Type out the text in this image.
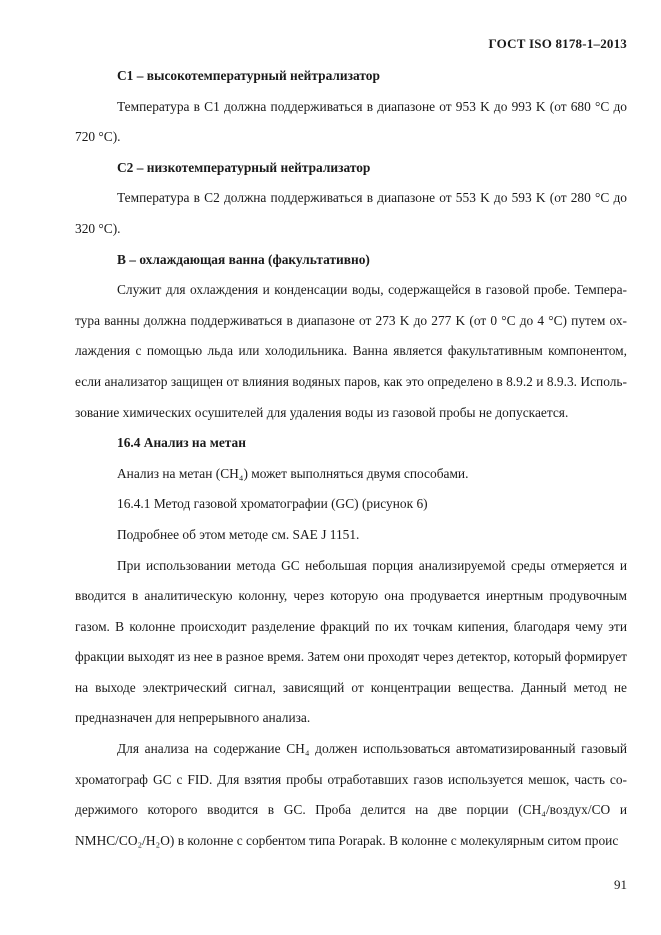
ГОСТ ISO 8178-1–2013

С1 – высокотемпературный нейтрализатор

Температура в С1 должна поддерживаться в диапазоне от 953 K до 993 K (от 680 °C до 720 °C).

С2 – низкотемпературный нейтрализатор

Температура в С2 должна поддерживаться в диапазоне от 553 K до 593 K (от 280 °C до 320 °C).

В – охлаждающая ванна (факультативно)

Служит для охлаждения и конденсации воды, содержащейся в газовой пробе. Температура ванны должна поддерживаться в диапазоне от 273 K до 277 K (от 0 °C до 4 °C) путем охлаждения с помощью льда или холодильника. Ванна является факультативным компонентом, если анализатор защищен от влияния водяных паров, как это определено в 8.9.2 и 8.9.3. Использование химических осушителей для удаления воды из газовой пробы не допускается.

16.4 Анализ на метан

Анализ на метан (CH₄) может выполняться двумя способами.

16.4.1 Метод газовой хроматографии (GC) (рисунок 6)

Подробнее об этом методе см. SAE J 1151.

При использовании метода GC небольшая порция анализируемой среды отмеряется и вводится в аналитическую колонну, через которую она продувается инертным продувочным газом. В колонне происходит разделение фракций по их точкам кипения, благодаря чему эти фракции выходят из нее в разное время. Затем они проходят через детектор, который формирует на выходе электрический сигнал, зависящий от концентрации вещества. Данный метод не предназначен для непрерывного анализа.

Для анализа на содержание CH₄ должен использоваться автоматизированный газовый хроматограф GC с FID. Для взятия пробы отработавших газов используется мешок, часть содержимого которого вводится в GC. Проба делится на две порции (CH₄/воздух/CO и NMHC/CO₂/H₂O) в колонне с сорбентом типа Porapak. В колонне с молекулярным ситом проис

91
